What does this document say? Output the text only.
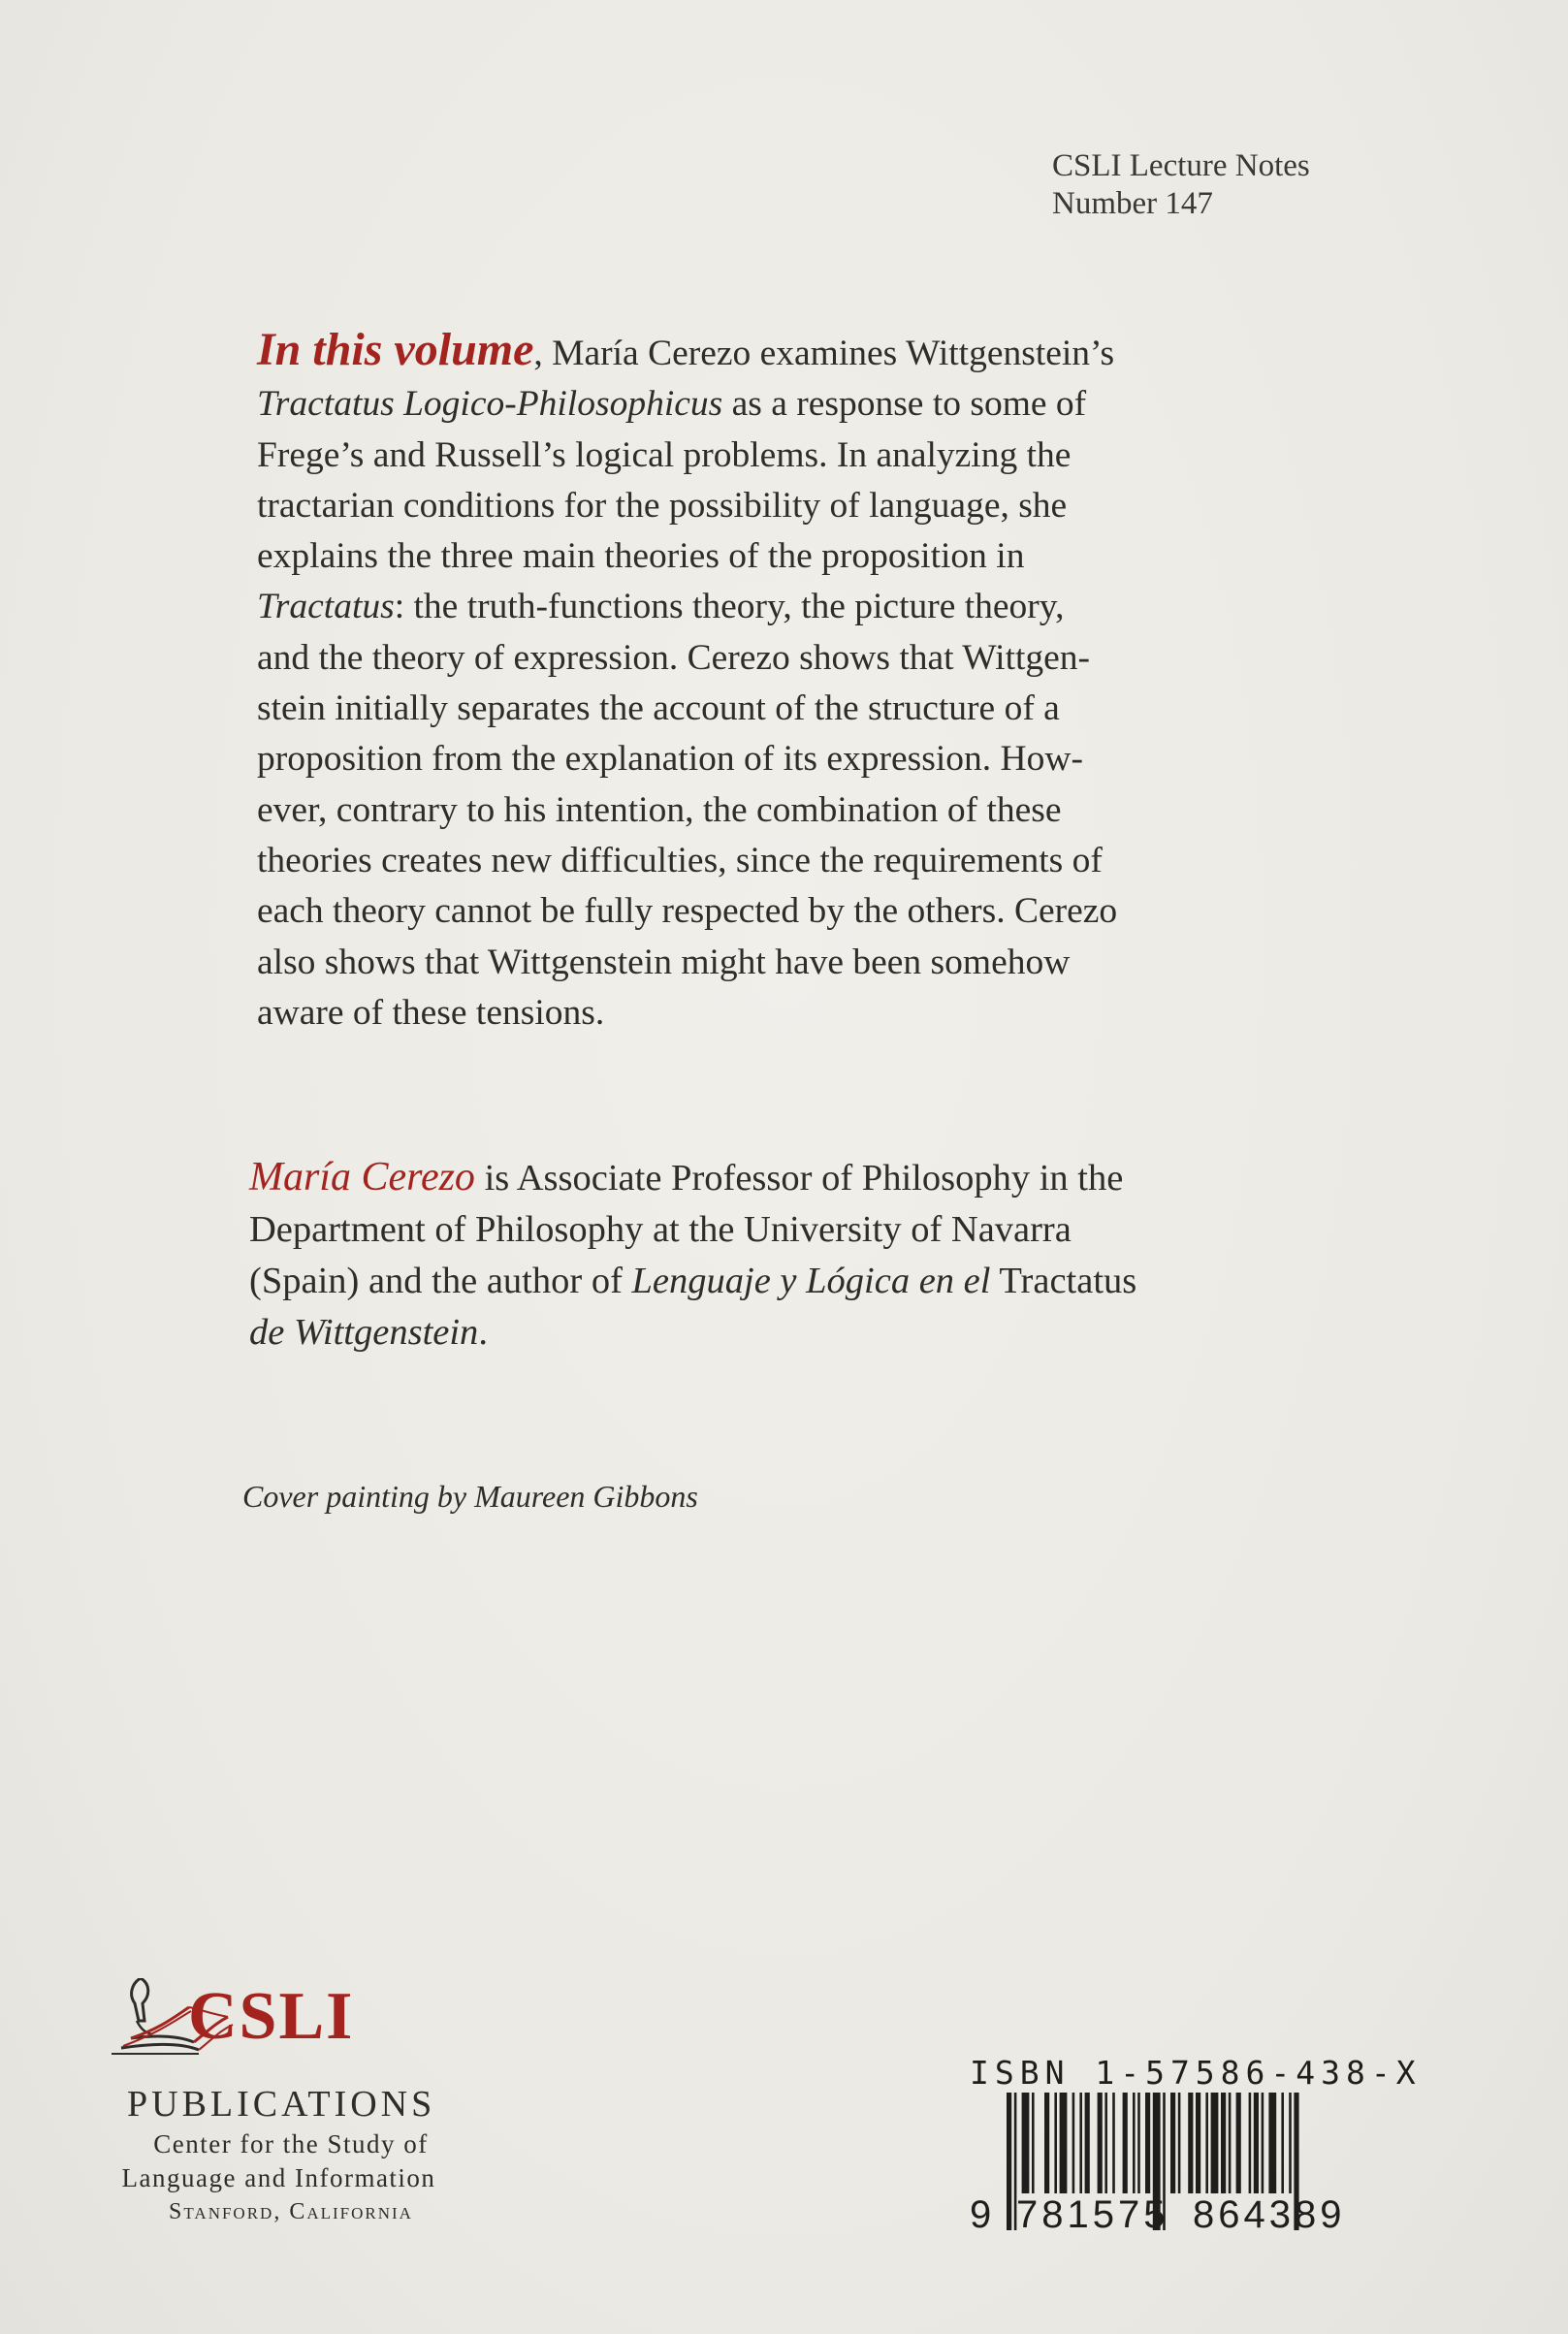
CSLI Lecture Notes
Number 147
In this volume, María Cerezo examines Wittgenstein’s
Tractatus Logico-Philosophicus as a response to some of
Frege’s and Russell’s logical problems. In analyzing the
tractarian conditions for the possibility of language, she
explains the three main theories of the proposition in
Tractatus: the truth-functions theory, the picture theory,
and the theory of expression. Cerezo shows that Wittgen-
stein initially separates the account of the structure of a
proposition from the explanation of its expression. How-
ever, contrary to his intention, the combination of these
theories creates new difficulties, since the requirements of
each theory cannot be fully respected by the others. Cerezo
also shows that Wittgenstein might have been somehow
aware of these tensions.
María Cerezo is Associate Professor of Philosophy in the
Department of Philosophy at the University of Navarra
(Spain) and the author of Lenguaje y Lógica en el Tractatus
de Wittgenstein.
Cover painting by Maureen Gibbons
CSLI
PUBLICATIONS
Center for the Study of
Language and Information
Stanford, California
ISBN 1-57586-438-X
9 781575 864389
